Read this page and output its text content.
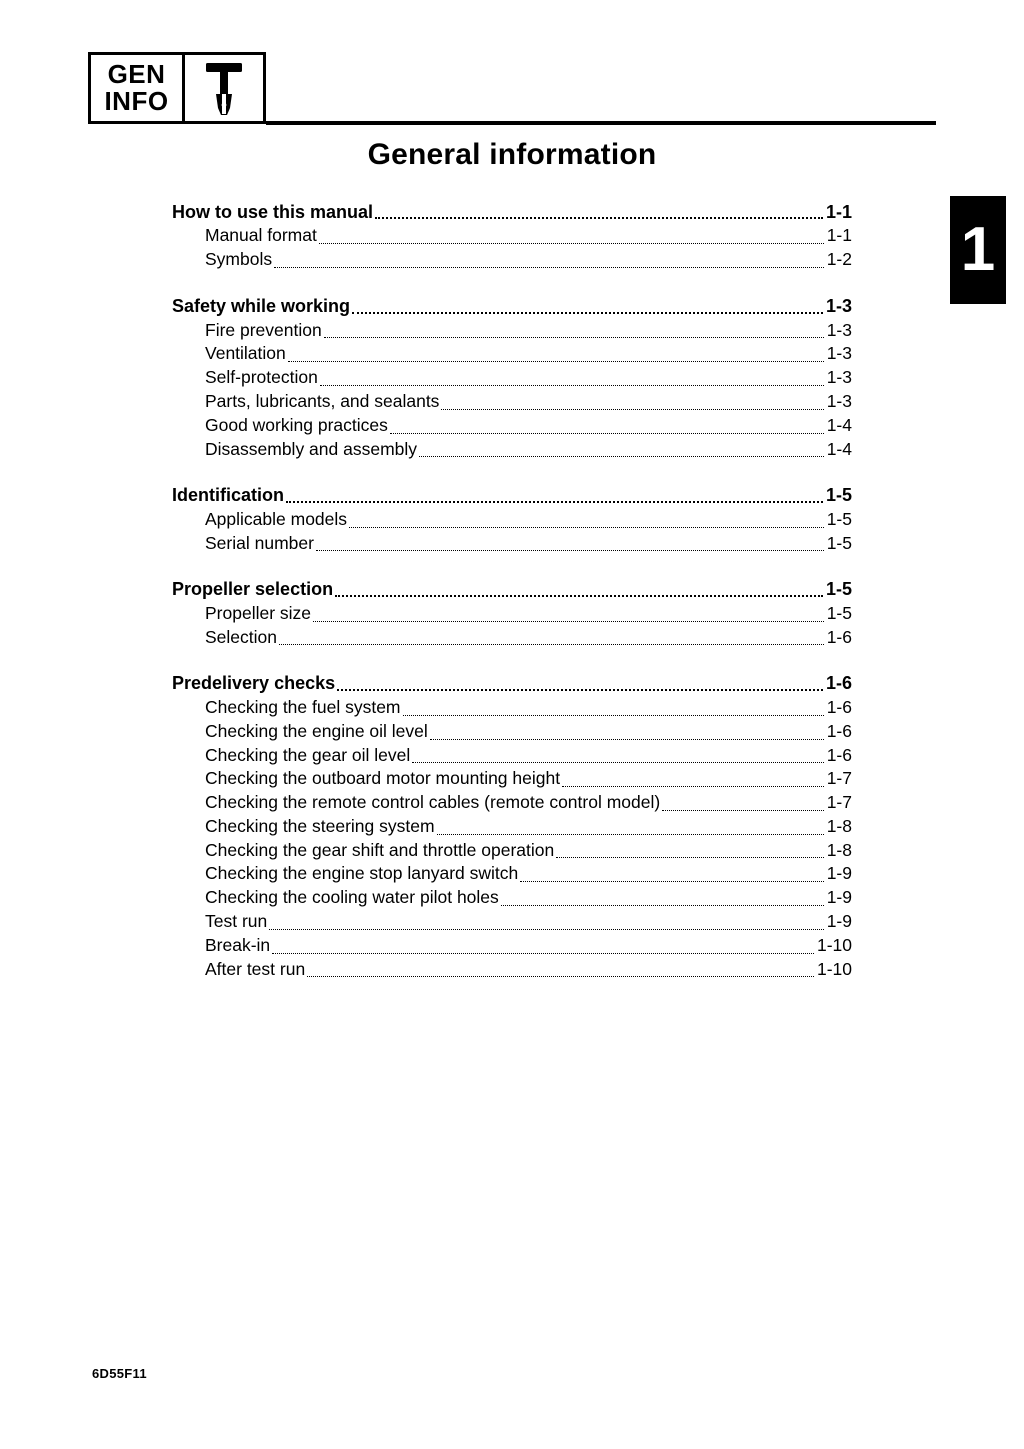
GEN
INFO
1
General information
How to use this manual	1-1
Manual format	1-1
Symbols	1-2
Safety while working	1-3
Fire prevention	1-3
Ventilation	1-3
Self-protection	1-3
Parts, lubricants, and sealants	1-3
Good working practices	1-4
Disassembly and assembly	1-4
Identification	1-5
Applicable models	1-5
Serial number	1-5
Propeller selection	1-5
Propeller size	1-5
Selection	1-6
Predelivery checks	1-6
Checking the fuel system	1-6
Checking the engine oil level	1-6
Checking the gear oil level	1-6
Checking the outboard motor mounting height	1-7
Checking the remote control cables (remote control model)	1-7
Checking the steering system	1-8
Checking the gear shift and throttle operation	1-8
Checking the engine stop lanyard switch	1-9
Checking the cooling water pilot holes	1-9
Test run	1-9
Break-in	1-10
After test run	1-10
6D55F11
